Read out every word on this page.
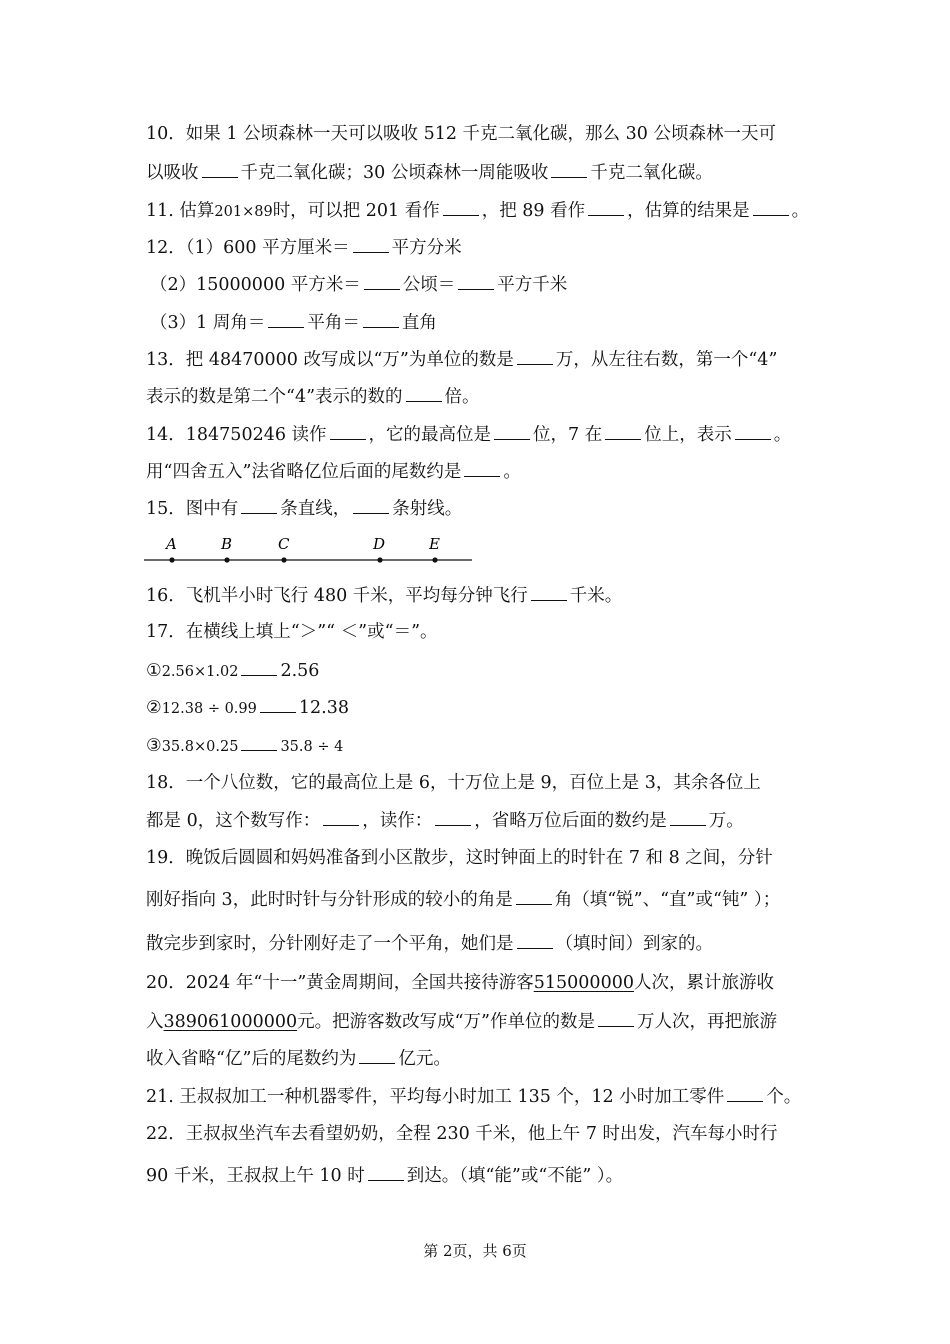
10．如果 1 公顷森林一天可以吸收 512 千克二氧化碳，那么 30 公顷森林一天可
以吸收 千克二氧化碳；30 公顷森林一周能吸收 千克二氧化碳。
11. 估算201×89时，可以把 201 看作 ，把 89 看作 ，估算的结果是 。
12．（1）600 平方厘米＝ 平方分米
（2）15000000 平方米＝ 公顷＝ 平方千米
（3）1 周角＝ 平角＝ 直角
13．把 48470000 改写成以“万”为单位的数是 万，从左往右数，第一个“4”
表示的数是第二个“4”表示的数的 倍。
14．184750246 读作 ，它的最高位是 位，7 在 位上，表示 。
用“四舍五入”法省略亿位后面的尾数约是 。
15．图中有 条直线， 条射线。
A	B	C	D	E
16．飞机半小时飞行 480 千米，平均每分钟飞行 千米。
17．在横线上填上“＞”“ ＜”或“＝”。
①2.56×1.02 2.56
②12.38 ÷ 0.99 12.38
③35.8×0.25	35.8 ÷ 4
18．一个八位数，它的最高位上是 6，十万位上是 9，百位上是 3，其余各位上
都是 0，这个数写作： ，读作： ，省略万位后面的数约是 万。
19．晚饭后圆圆和妈妈准备到小区散步，这时钟面上的时针在 7 和 8 之间，分针
刚好指向 3，此时时针与分针形成的较小的角是 角（填“锐”、“直”或“钝” ）；
散完步到家时，分针刚好走了一个平角，她们是 （填时间）到家的。
20．2024 年“十一”黄金周期间，全国共接待游客515000000人次，累计旅游收
入389061000000元。把游客数改写成“万”作单位的数是 万人次，再把旅游
收入省略“亿”后的尾数约为 亿元。
21. 王叔叔加工一种机器零件，平均每小时加工 135 个，12 小时加工零件 个。
22．王叔叔坐汽车去看望奶奶，全程 230 千米，他上午 7 时出发，汽车每小时行
90 千米，王叔叔上午 10 时 到达。（填“能”或“不能” ）。
第 2页，共 6页
